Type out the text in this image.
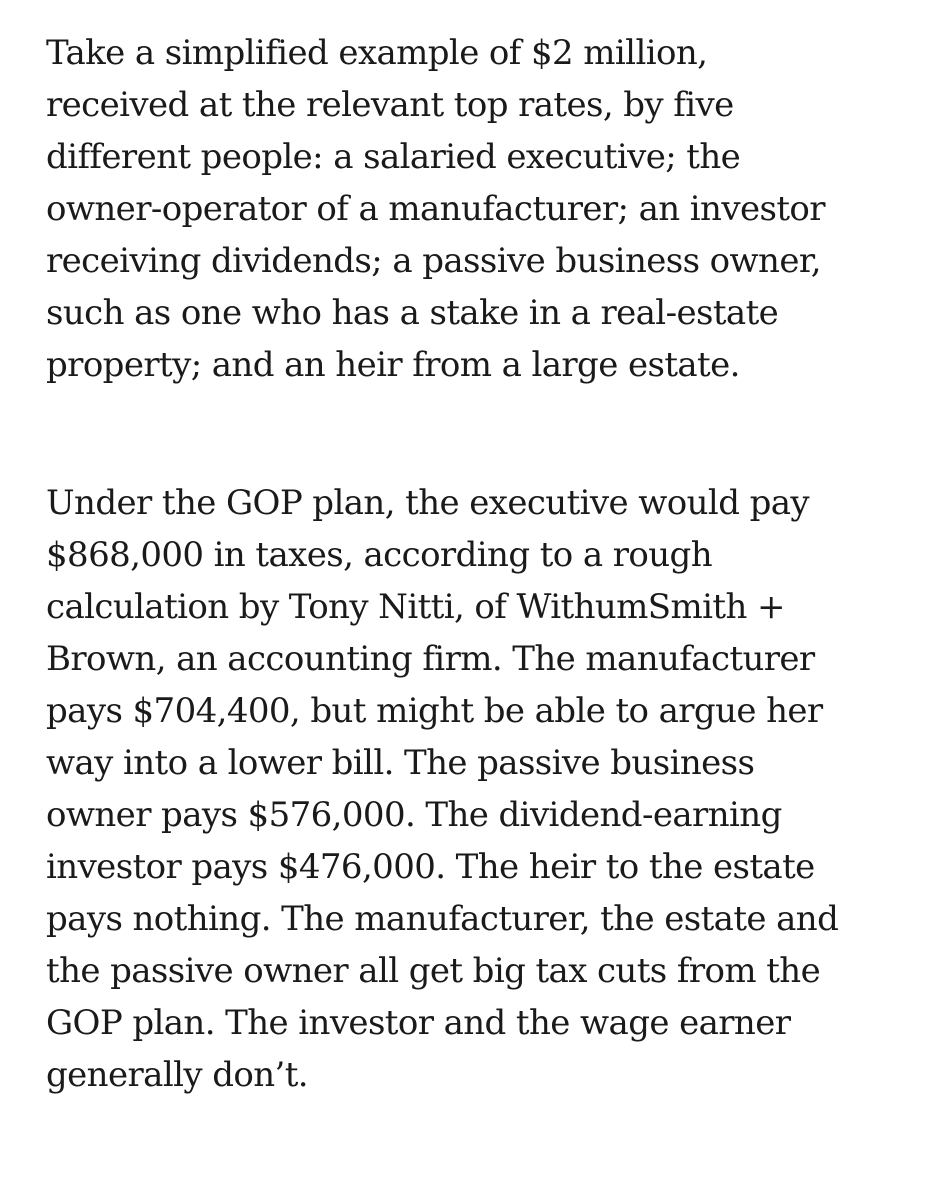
Take a simplified example of $2 million,
received at the relevant top rates, by five
different people: a salaried executive; the
owner-operator of a manufacturer; an investor
receiving dividends; a passive business owner,
such as one who has a stake in a real-estate
property; and an heir from a large estate.

Under the GOP plan, the executive would pay
$868,000 in taxes, according to a rough
calculation by Tony Nitti, of WithumSmith +
Brown, an accounting firm. The manufacturer
pays $704,400, but might be able to argue her
way into a lower bill. The passive business
owner pays $576,000. The dividend-earning
investor pays $476,000. The heir to the estate
pays nothing. The manufacturer, the estate and
the passive owner all get big tax cuts from the
GOP plan. The investor and the wage earner
generally don’t.
